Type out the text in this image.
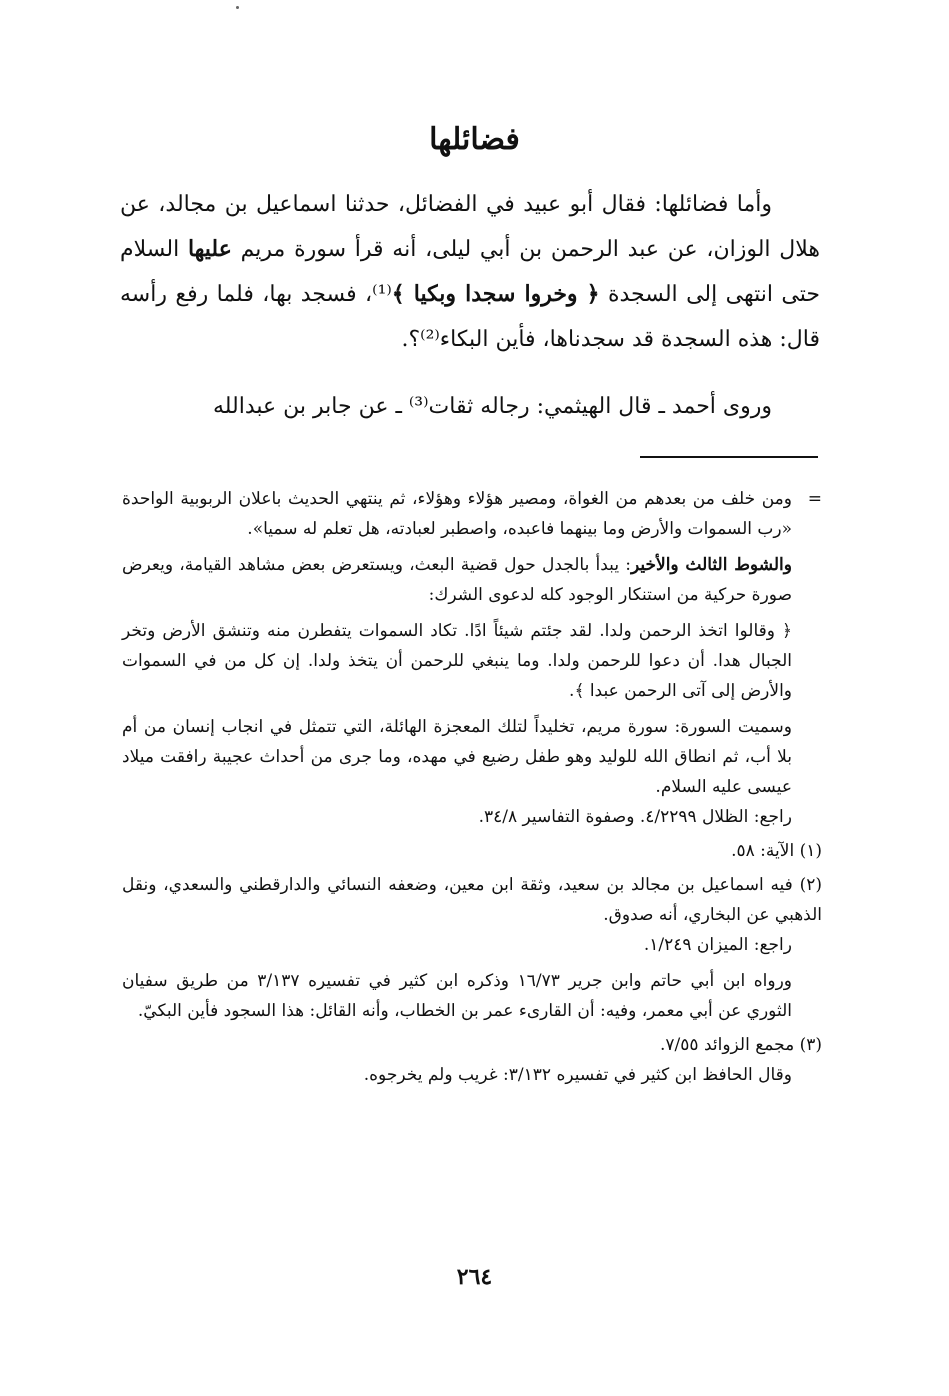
فضائلها

وأما فضائلها: فقال أبو عبيد في الفضائل، حدثنا اسماعيل بن مجالد، عن هلال الوزان، عن عبد الرحمن بن أبي ليلى، أنه قرأ سورة مريم عليها السلام حتى انتهى إلى السجدة ﴿ وخروا سجدا وبكيا ﴾⁽¹⁾، فسجد بها، فلما رفع رأسه قال: هذه السجدة قد سجدناها، فأين البكاء⁽²⁾؟.

وروى أحمد ـ قال الهيثمي: رجاله ثقات⁽³⁾ ـ عن جابر بن عبدالله

=
ومن خلف من بعدهم من الغواة، ومصير هؤلاء وهؤلاء، ثم ينتهي الحديث باعلان الربوبية الواحدة «رب السموات والأرض وما بينهما فاعبده، واصطبر لعبادته، هل تعلم له سميا».

والشوط الثالث والأخير: يبدأ بالجدل حول قضية البعث، ويستعرض بعض مشاهد القيامة، ويعرض صورة حركية من استنكار الوجود كله لدعوى الشرك:

﴿ وقالوا اتخذ الرحمن ولدا. لقد جئتم شيئاً ادًا. تكاد السموات يتفطرن منه وتنشق الأرض وتخر الجبال هدا. أن دعوا للرحمن ولدا. وما ينبغي للرحمن أن يتخذ ولدا. إن كل من في السموات والأرض إلى آتى الرحمن عبدا ﴾.

وسميت السورة: سورة مريم، تخليداً لتلك المعجزة الهائلة، التي تتمثل في انجاب إنسان من أم بلا أب، ثم انطاق الله للوليد وهو طفل رضيع في مهده، وما جرى من أحداث عجيبة رافقت ميلاد عيسى عليه السلام.

راجع: الظلال ٤/٢٢٩٩. وصفوة التفاسير ٣٤/٨.

(١) الآية: ٥٨.

(٢) فيه اسماعيل بن مجالد بن سعيد، وثقة ابن معين، وضعفه النسائي والدارقطني والسعدي، ونقل الذهبي عن البخاري، أنه صدوق.

راجع: الميزان ١/٢٤٩.

ورواه ابن أبي حاتم وابن جرير ١٦/٧٣ وذكره ابن كثير في تفسيره ٣/١٣٧ من طريق سفيان الثوري عن أبي معمر، وفيه: أن القارىء عمر بن الخطاب، وأنه القائل: هذا السجود فأين البكيّ.

(٣) مجمع الزوائد ٧/٥٥.

وقال الحافظ ابن كثير في تفسيره ٣/١٣٢: غريب ولم يخرجوه.

٢٦٤
